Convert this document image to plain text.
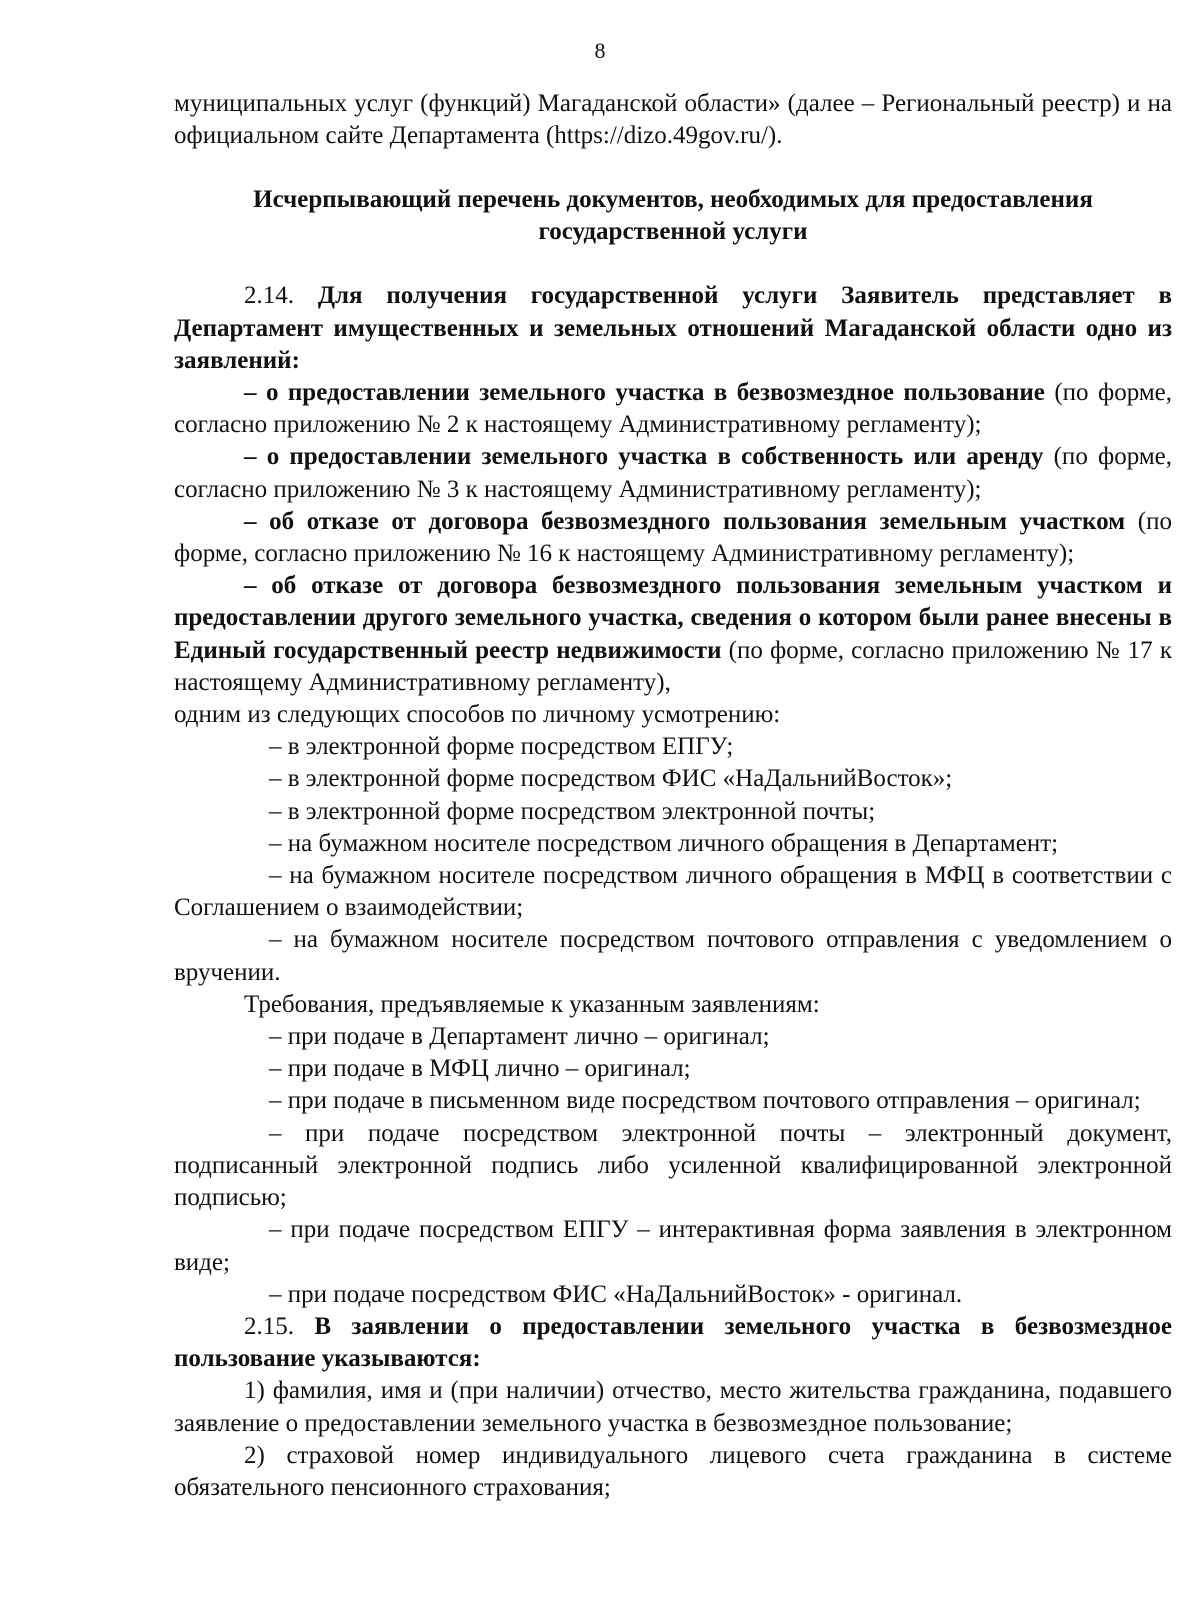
8

муниципальных услуг (функций) Магаданской области» (далее – Региональный реестр) и на официальном сайте Департамента (https://dizo.49gov.ru/).

Исчерпывающий перечень документов, необходимых для предоставления
государственной услуги

2.14. Для получения государственной услуги Заявитель представляет в Департамент имущественных и земельных отношений Магаданской области одно из заявлений:

– о предоставлении земельного участка в безвозмездное пользование (по форме, согласно приложению № 2 к настоящему Административному регламенту);

– о предоставлении земельного участка в собственность или аренду (по форме, согласно приложению № 3 к настоящему Административному регламенту);

– об отказе от договора безвозмездного пользования земельным участком (по форме, согласно приложению № 16 к настоящему Административному регламенту);

– об отказе от договора безвозмездного пользования земельным участком и предоставлении другого земельного участка, сведения о котором были ранее внесены в Единый государственный реестр недвижимости (по форме, согласно приложению № 17 к настоящему Административному регламенту),

одним из следующих способов по личному усмотрению:

– в электронной форме посредством ЕПГУ;

– в электронной форме посредством ФИС «НаДальнийВосток»;

– в электронной форме посредством электронной почты;

– на бумажном носителе посредством личного обращения в Департамент;

– на бумажном носителе посредством личного обращения в МФЦ в соответствии с Соглашением о взаимодействии;

– на бумажном носителе посредством почтового отправления с уведомлением о вручении.

Требования, предъявляемые к указанным заявлениям:

– при подаче в Департамент лично – оригинал;

– при подаче в МФЦ лично – оригинал;

– при подаче в письменном виде посредством почтового отправления – оригинал;

– при подаче посредством электронной почты – электронный документ, подписанный электронной подпись либо усиленной квалифицированной электронной подписью;

– при подаче посредством ЕПГУ – интерактивная форма заявления в электронном виде;

– при подаче посредством ФИС «НаДальнийВосток» - оригинал.

2.15. В заявлении о предоставлении земельного участка в безвозмездное пользование указываются:

1) фамилия, имя и (при наличии) отчество, место жительства гражданина, подавшего заявление о предоставлении земельного участка в безвозмездное пользование;

2) страховой номер индивидуального лицевого счета гражданина в системе обязательного пенсионного страхования;
